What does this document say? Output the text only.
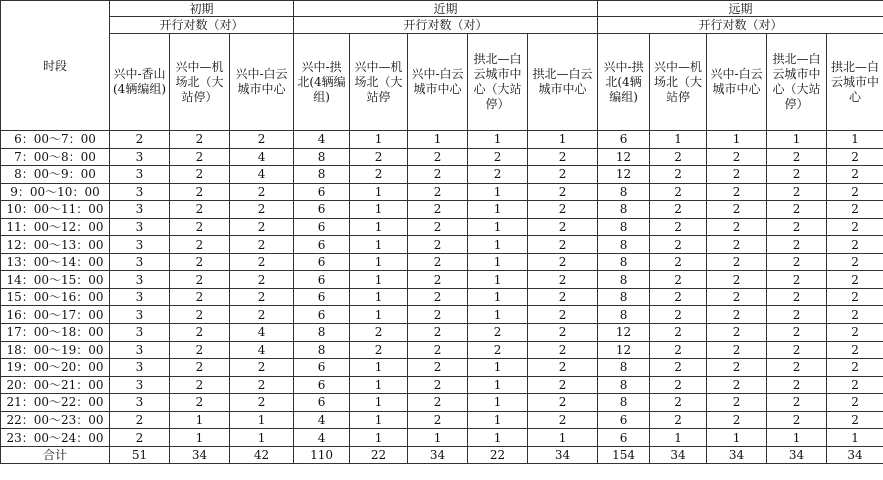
时段	初期			近期					远期				
	开行对数（对）			开行对数（对）					开行对数（对）				
	兴中-香山(4辆编组)	兴中—机场北（大站停）	兴中-白云城市中心	兴中-拱北(4辆编组)	兴中—机场北（大站停	兴中-白云城市中心	拱北—白云城市中心（大站停）	拱北—白云城市中心	兴中-拱北(4辆编组)	兴中—机场北（大站停	兴中-白云城市中心	拱北—白云城市中心（大站停）	拱北—白云城市中心
6：00～7：00	2	2	2	4	1	1	1	1	6	1	1	1	1
7：00～8：00	3	2	4	8	2	2	2	2	12	2	2	2	2
8：00～9：00	3	2	4	8	2	2	2	2	12	2	2	2	2
9：00～10：00	3	2	2	6	1	2	1	2	8	2	2	2	2
10：00～11：00	3	2	2	6	1	2	1	2	8	2	2	2	2
11：00～12：00	3	2	2	6	1	2	1	2	8	2	2	2	2
12：00～13：00	3	2	2	6	1	2	1	2	8	2	2	2	2
13：00～14：00	3	2	2	6	1	2	1	2	8	2	2	2	2
14：00～15：00	3	2	2	6	1	2	1	2	8	2	2	2	2
15：00～16：00	3	2	2	6	1	2	1	2	8	2	2	2	2
16：00～17：00	3	2	2	6	1	2	1	2	8	2	2	2	2
17：00～18：00	3	2	4	8	2	2	2	2	12	2	2	2	2
18：00～19：00	3	2	4	8	2	2	2	2	12	2	2	2	2
19：00～20：00	3	2	2	6	1	2	1	2	8	2	2	2	2
20：00～21：00	3	2	2	6	1	2	1	2	8	2	2	2	2
21：00～22：00	3	2	2	6	1	2	1	2	8	2	2	2	2
22：00～23：00	2	1	1	4	1	2	1	2	6	2	2	2	2
23：00～24：00	2	1	1	4	1	1	1	1	6	1	1	1	1
合计	51	34	42	110	22	34	22	34	154	34	34	34	34
